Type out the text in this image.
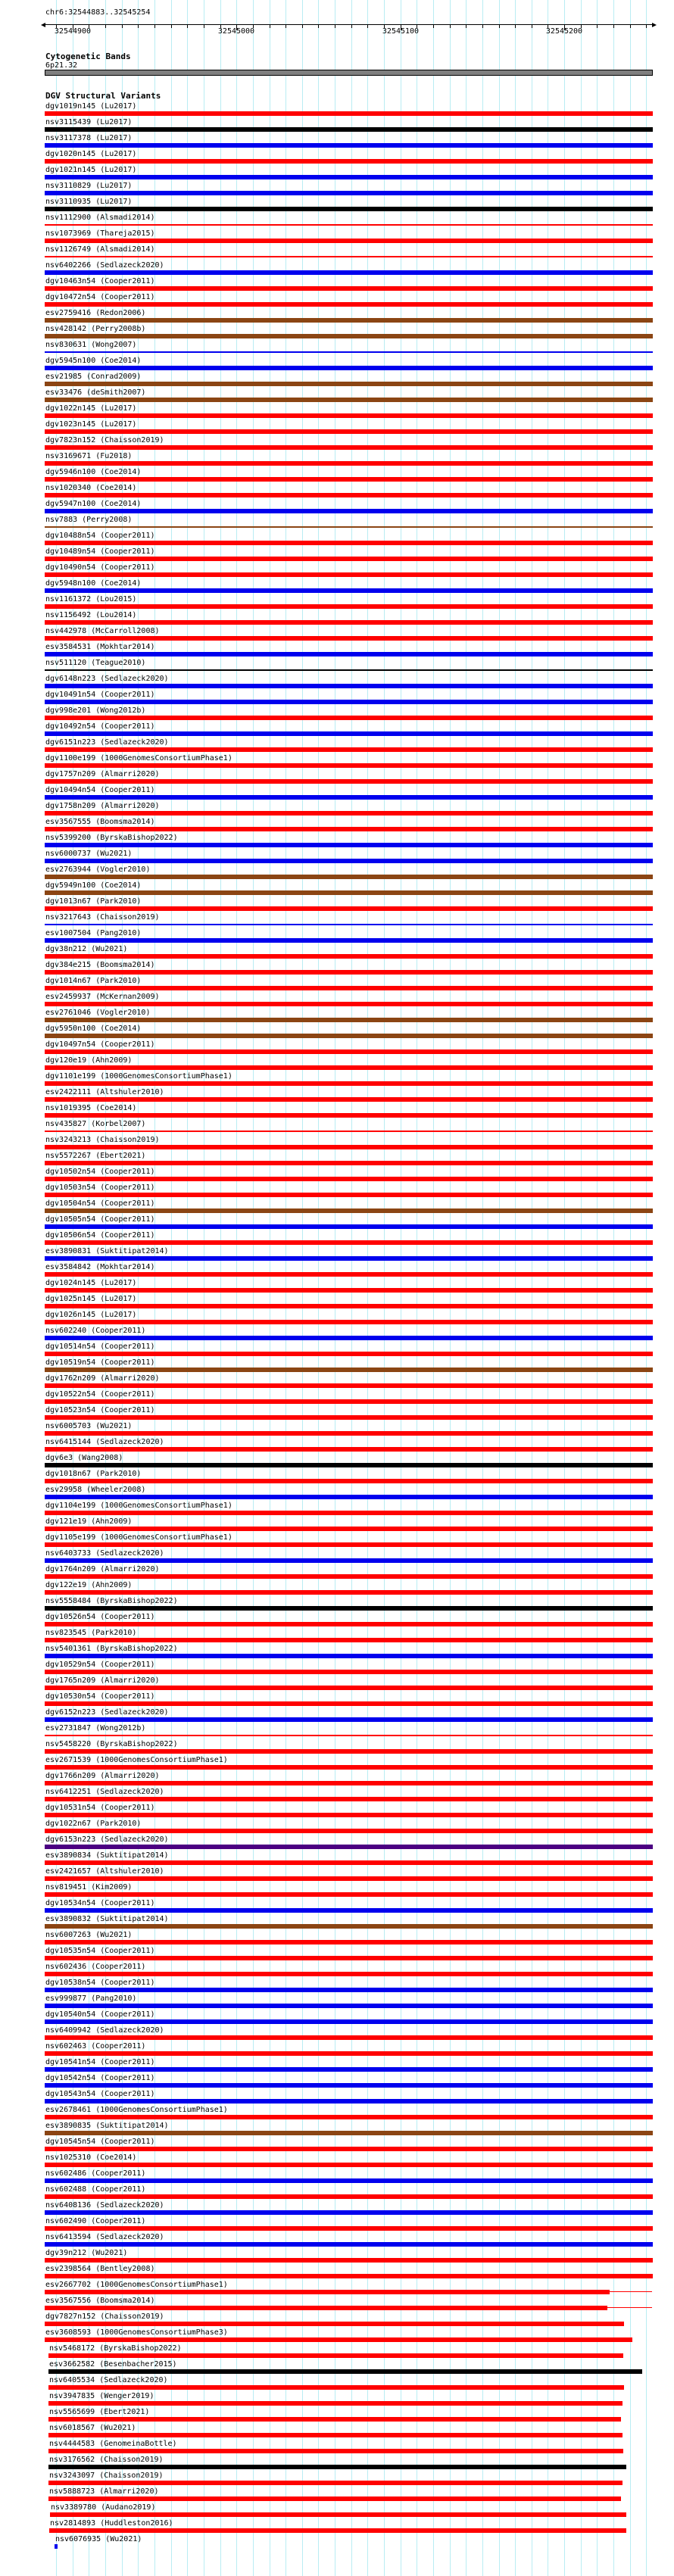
chr6:32544883..32545254
32544900	32545000	32545100	32545200
Cytogenetic Bands
6p21.32
DGV Structural Variants
dgv1019n145 (Lu2017)
nsv3115439 (Lu2017)
nsv3117378 (Lu2017)
dgv1020n145 (Lu2017)
dgv1021n145 (Lu2017)
nsv3110829 (Lu2017)
nsv3110935 (Lu2017)
nsv1112900 (Alsmadi2014)
nsv1073969 (Thareja2015)
nsv1126749 (Alsmadi2014)
nsv6402266 (Sedlazeck2020)
dgv10463n54 (Cooper2011)
dgv10472n54 (Cooper2011)
esv2759416 (Redon2006)
nsv428142 (Perry2008b)
nsv830631 (Wong2007)
dgv5945n100 (Coe2014)
esv21985 (Conrad2009)
esv33476 (deSmith2007)
dgv1022n145 (Lu2017)
dgv1023n145 (Lu2017)
dgv7823n152 (Chaisson2019)
nsv3169671 (Fu2018)
dgv5946n100 (Coe2014)
nsv1020340 (Coe2014)
dgv5947n100 (Coe2014)
nsv7883 (Perry2008)
dgv10488n54 (Cooper2011)
dgv10489n54 (Cooper2011)
dgv10490n54 (Cooper2011)
dgv5948n100 (Coe2014)
nsv1161372 (Lou2015)
nsv1156492 (Lou2014)
nsv442978 (McCarroll2008)
esv3584531 (Mokhtar2014)
nsv511120 (Teague2010)
dgv6148n223 (Sedlazeck2020)
dgv10491n54 (Cooper2011)
dgv998e201 (Wong2012b)
dgv10492n54 (Cooper2011)
dgv6151n223 (Sedlazeck2020)
dgv1100e199 (1000GenomesConsortiumPhase1)
dgv1757n209 (Almarri2020)
dgv10494n54 (Cooper2011)
dgv1758n209 (Almarri2020)
esv3567555 (Boomsma2014)
nsv5399200 (ByrskaBishop2022)
nsv6000737 (Wu2021)
esv2763944 (Vogler2010)
dgv5949n100 (Coe2014)
dgv1013n67 (Park2010)
nsv3217643 (Chaisson2019)
esv1007504 (Pang2010)
dgv38n212 (Wu2021)
dgv384e215 (Boomsma2014)
dgv1014n67 (Park2010)
esv2459937 (McKernan2009)
esv2761046 (Vogler2010)
dgv5950n100 (Coe2014)
dgv10497n54 (Cooper2011)
dgv120e19 (Ahn2009)
dgv1101e199 (1000GenomesConsortiumPhase1)
esv2422111 (Altshuler2010)
nsv1019395 (Coe2014)
nsv435827 (Korbel2007)
nsv3243213 (Chaisson2019)
nsv5572267 (Ebert2021)
dgv10502n54 (Cooper2011)
dgv10503n54 (Cooper2011)
dgv10504n54 (Cooper2011)
dgv10505n54 (Cooper2011)
dgv10506n54 (Cooper2011)
esv3890831 (Suktitipat2014)
esv3584842 (Mokhtar2014)
dgv1024n145 (Lu2017)
dgv1025n145 (Lu2017)
dgv1026n145 (Lu2017)
nsv602240 (Cooper2011)
dgv10514n54 (Cooper2011)
dgv10519n54 (Cooper2011)
dgv1762n209 (Almarri2020)
dgv10522n54 (Cooper2011)
dgv10523n54 (Cooper2011)
nsv6005703 (Wu2021)
nsv6415144 (Sedlazeck2020)
dgv6e3 (Wang2008)
dgv1018n67 (Park2010)
esv29958 (Wheeler2008)
dgv1104e199 (1000GenomesConsortiumPhase1)
dgv121e19 (Ahn2009)
dgv1105e199 (1000GenomesConsortiumPhase1)
nsv6403733 (Sedlazeck2020)
dgv1764n209 (Almarri2020)
dgv122e19 (Ahn2009)
nsv5558484 (ByrskaBishop2022)
dgv10526n54 (Cooper2011)
nsv823545 (Park2010)
nsv5401361 (ByrskaBishop2022)
dgv10529n54 (Cooper2011)
dgv1765n209 (Almarri2020)
dgv10530n54 (Cooper2011)
dgv6152n223 (Sedlazeck2020)
esv2731847 (Wong2012b)
nsv5458220 (ByrskaBishop2022)
esv2671539 (1000GenomesConsortiumPhase1)
dgv1766n209 (Almarri2020)
nsv6412251 (Sedlazeck2020)
dgv10531n54 (Cooper2011)
dgv1022n67 (Park2010)
dgv6153n223 (Sedlazeck2020)
esv3890834 (Suktitipat2014)
esv2421657 (Altshuler2010)
nsv819451 (Kim2009)
dgv10534n54 (Cooper2011)
esv3890832 (Suktitipat2014)
nsv6007263 (Wu2021)
dgv10535n54 (Cooper2011)
nsv602436 (Cooper2011)
dgv10538n54 (Cooper2011)
esv999877 (Pang2010)
dgv10540n54 (Cooper2011)
nsv6409942 (Sedlazeck2020)
nsv602463 (Cooper2011)
dgv10541n54 (Cooper2011)
dgv10542n54 (Cooper2011)
dgv10543n54 (Cooper2011)
esv2678461 (1000GenomesConsortiumPhase1)
esv3890835 (Suktitipat2014)
dgv10545n54 (Cooper2011)
nsv1025310 (Coe2014)
nsv602486 (Cooper2011)
nsv602488 (Cooper2011)
nsv6408136 (Sedlazeck2020)
nsv602490 (Cooper2011)
nsv6413594 (Sedlazeck2020)
dgv39n212 (Wu2021)
esv2398564 (Bentley2008)
esv2667702 (1000GenomesConsortiumPhase1)
esv3567556 (Boomsma2014)
dgv7827n152 (Chaisson2019)
esv3608593 (1000GenomesConsortiumPhase3)
nsv5468172 (ByrskaBishop2022)
esv3662582 (Besenbacher2015)
nsv6405534 (Sedlazeck2020)
nsv3947835 (Wenger2019)
nsv5565699 (Ebert2021)
nsv6018567 (Wu2021)
nsv4444583 (GenomeinaBottle)
nsv3176562 (Chaisson2019)
nsv3243097 (Chaisson2019)
nsv5888723 (Almarri2020)
nsv3389780 (Audano2019)
nsv2814893 (Huddleston2016)
nsv6076935 (Wu2021)
